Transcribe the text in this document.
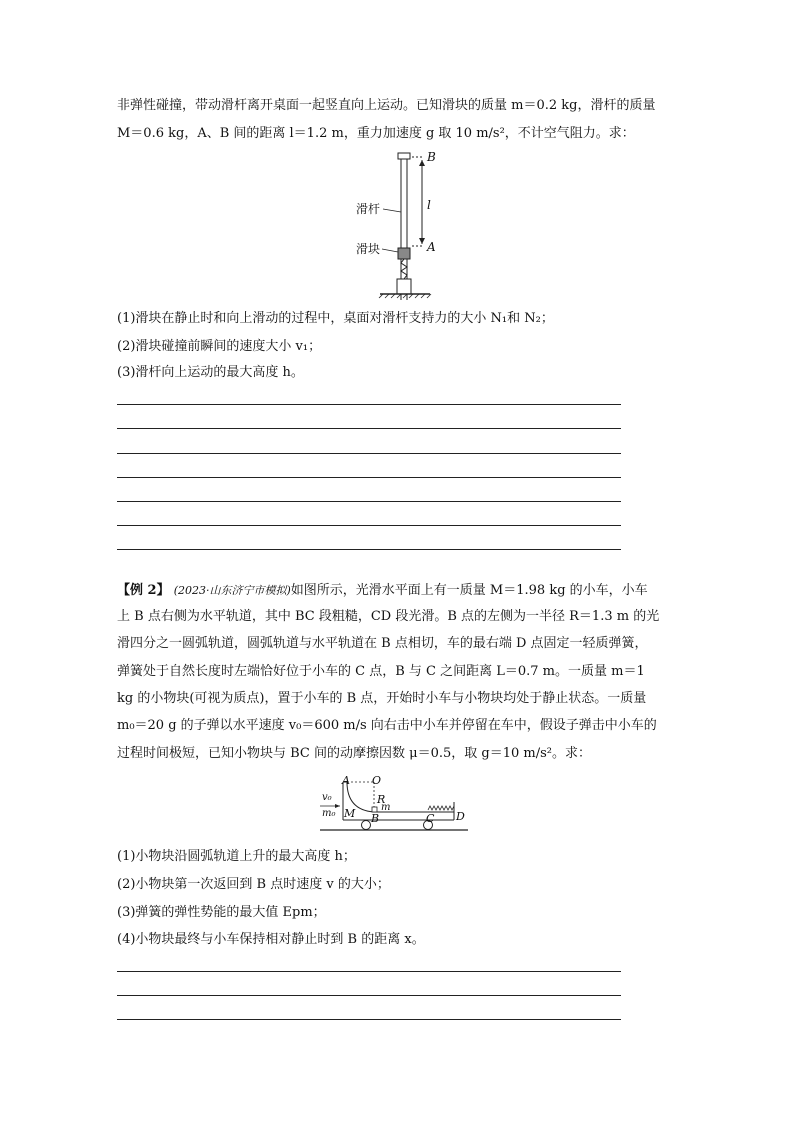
非弹性碰撞，带动滑杆离开桌面一起竖直向上运动。已知滑块的质量 m＝0.2 kg，滑杆的质量
M＝0.6 kg，A、B 间的距离 l＝1.2 m，重力加速度 g 取 10 m/s²，不计空气阻力。求：
滑杆
滑块
B
l
A
(1)滑块在静止时和向上滑动的过程中，桌面对滑杆支持力的大小 N₁和 N₂；
(2)滑块碰撞前瞬间的速度大小 v₁；
(3)滑杆向上运动的最大高度 h。
【例 2】 (2023·山东济宁市模拟)如图所示，光滑水平面上有一质量 M＝1.98 kg 的小车，小车
上 B 点右侧为水平轨道，其中 BC 段粗糙，CD 段光滑。B 点的左侧为一半径 R＝1.3 m 的光
滑四分之一圆弧轨道，圆弧轨道与水平轨道在 B 点相切，车的最右端 D 点固定一轻质弹簧，
弹簧处于自然长度时左端恰好位于小车的 C 点，B 与 C 之间距离 L＝0.7 m。一质量 m＝1
kg 的小物块(可视为质点)，置于小车的 B 点，开始时小车与小物块均处于静止状态。一质量
m₀＝20 g 的子弹以水平速度 v₀＝600 m/s 向右击中小车并停留在车中，假设子弹击中小车的
过程时间极短，已知小物块与 BC 间的动摩擦因数 μ＝0.5，取 g＝10 m/s²。求：
A O
R
m
v₀
m₀ M B	C D
(1)小物块沿圆弧轨道上升的最大高度 h；
(2)小物块第一次返回到 B 点时速度 v 的大小；
(3)弹簧的弹性势能的最大值 Epm；
(4)小物块最终与小车保持相对静止时到 B 的距离 x。
